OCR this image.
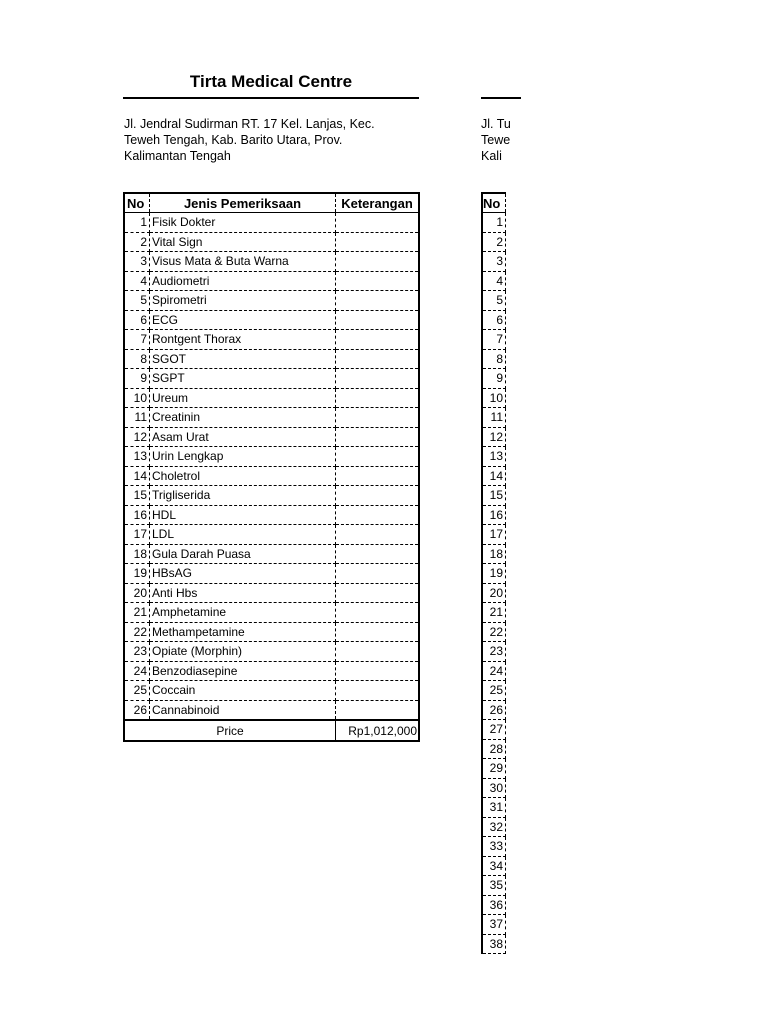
Tirta Medical Centre
Jl. Jendral Sudirman RT. 17 Kel. Lanjas, Kec.
Teweh Tengah, Kab. Barito Utara, Prov.
Kalimantan Tengah
No	Jenis Pemeriksaan	Keterangan
1	Fisik Dokter	
2	Vital Sign	
3	Visus Mata & Buta Warna	
4	Audiometri	
5	Spirometri	
6	ECG	
7	Rontgent Thorax	
8	SGOT	
9	SGPT	
10	Ureum	
11	Creatinin	
12	Asam Urat	
13	Urin Lengkap	
14	Choletrol	
15	Trigliserida	
16	HDL	
17	LDL	
18	Gula Darah Puasa	
19	HBsAG	
20	Anti Hbs	
21	Amphetamine	
22	Methampetamine	
23	Opiate (Morphin)	
24	Benzodiasepine	
25	Coccain	
26	Cannabinoid	
Price		Rp1,012,000
Jl. Tu
Tewe
Kali
No
1
2
3
4
5
6
7
8
9
10
11
12
13
14
15
16
17
18
19
20
21
22
23
24
25
26
27
28
29
30
31
32
33
34
35
36
37
38
